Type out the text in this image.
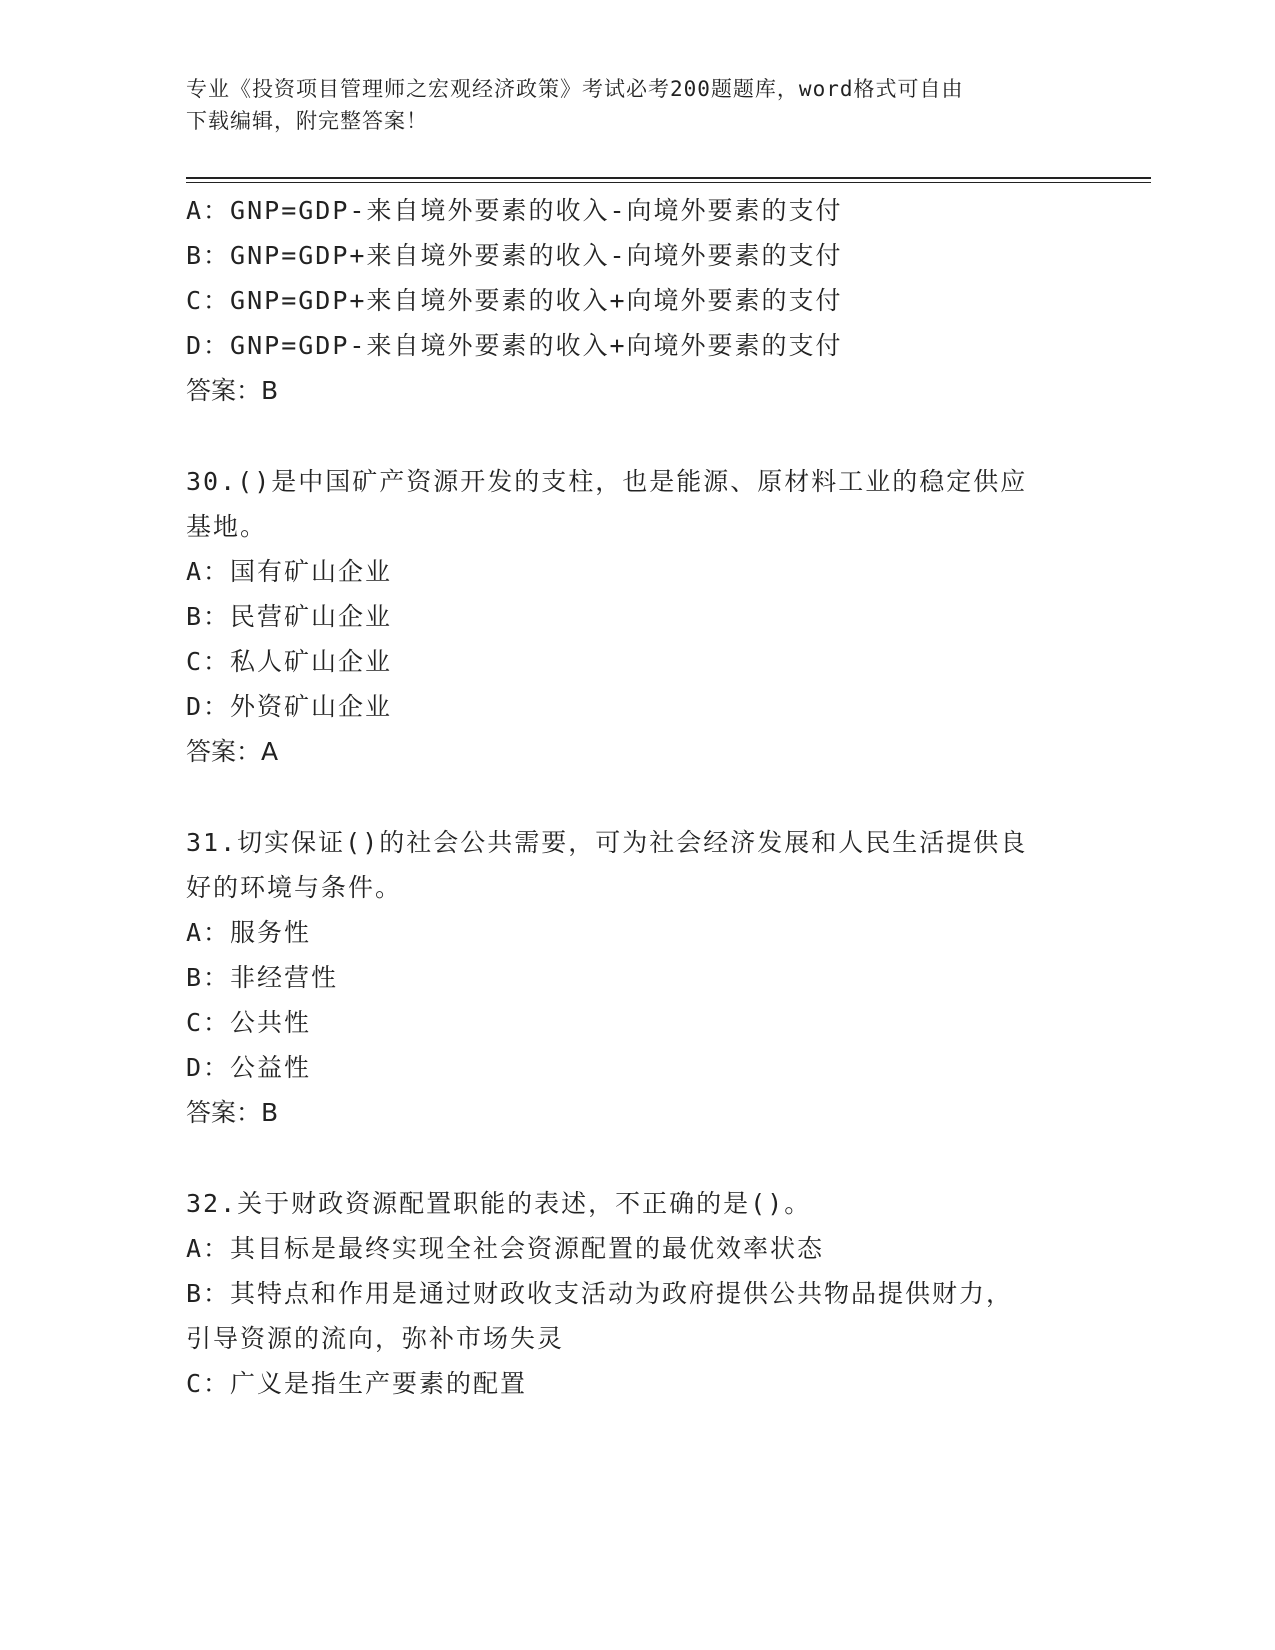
专业《投资项目管理师之宏观经济政策》考试必考200题题库，word格式可自由
下载编辑，附完整答案！
A：GNP=GDP-来自境外要素的收入-向境外要素的支付
B：GNP=GDP+来自境外要素的收入-向境外要素的支付
C：GNP=GDP+来自境外要素的收入+向境外要素的支付
D：GNP=GDP-来自境外要素的收入+向境外要素的支付
答案：B
30.()是中国矿产资源开发的支柱，也是能源、原材料工业的稳定供应
基地。
A：国有矿山企业
B：民营矿山企业
C：私人矿山企业
D：外资矿山企业
答案：A
31.切实保证()的社会公共需要，可为社会经济发展和人民生活提供良
好的环境与条件。
A：服务性
B：非经营性
C：公共性
D：公益性
答案：B
32.关于财政资源配置职能的表述，不正确的是()。
A：其目标是最终实现全社会资源配置的最优效率状态
B：其特点和作用是通过财政收支活动为政府提供公共物品提供财力，
引导资源的流向，弥补市场失灵
C：广义是指生产要素的配置
